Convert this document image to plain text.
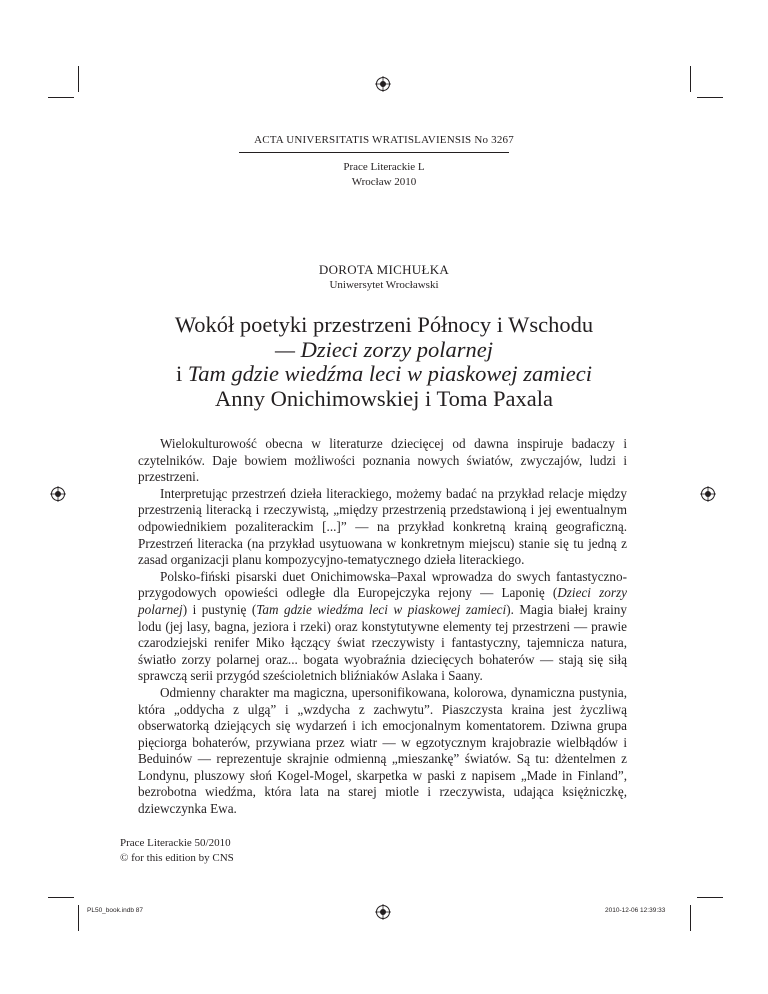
ACTA UNIVERSITATIS WRATISLAVIENSIS No 3267
Prace Literackie L
Wrocław 2010
DOROTA MICHUŁKA
Uniwersytet Wrocławski
Wokół poetyki przestrzeni Północy i Wschodu
— Dzieci zorzy polarnej
i Tam gdzie wiedźma leci w piaskowej zamieci
Anny Onichimowskiej i Toma Paxala

Wielokulturowość obecna w literaturze dziecięcej od dawna inspiruje badaczy i czytelników. Daje bowiem możliwości poznania nowych światów, zwyczajów, ludzi i przestrzeni.

Interpretując przestrzeń dzieła literackiego, możemy badać na przykład relacje między przestrzenią literacką i rzeczywistą, „między przestrzenią przedstawioną i jej ewentualnym odpowiednikiem pozaliterackim [...]” — na przykład konkretną krainą geograficzną. Przestrzeń literacka (na przykład usytuowana w konkretnym miejscu) stanie się tu jedną z zasad organizacji planu kompozycyjno-tematycznego dzieła literackiego.

Polsko-fiński pisarski duet Onichimowska–Paxal wprowadza do swych fantastyczno-przygodowych opowieści odległe dla Europejczyka rejony — Laponię (Dzieci zorzy polarnej) i pustynię (Tam gdzie wiedźma leci w piaskowej zamieci). Magia białej krainy lodu (jej lasy, bagna, jeziora i rzeki) oraz konstytutywne elementy tej przestrzeni — prawie czarodziejski renifer Miko łączący świat rzeczywisty i fantastyczny, tajemnicza natura, światło zorzy polarnej oraz... bogata wyobraźnia dziecięcych bohaterów — stają się siłą sprawczą serii przygód sześcioletnich bliźniaków Aslaka i Saany.

Odmienny charakter ma magiczna, upersonifikowana, kolorowa, dynamiczna pustynia, która „oddycha z ulgą” i „wzdycha z zachwytu”. Piaszczysta kraina jest życzliwą obserwatorką dziejących się wydarzeń i ich emocjonalnym komentatorem. Dziwna grupa pięciorga bohaterów, przywiana przez wiatr — w egzotycznym krajobrazie wielbłądów i Beduinów — reprezentuje skrajnie odmienną „mieszankę” światów. Są tu: dżentelmen z Londynu, pluszowy słoń Kogel-Mogel, skarpetka w paski z napisem „Made in Finland”, bezrobotna wiedźma, która lata na starej miotle i rzeczywista, udająca księżniczkę, dziewczynka Ewa.

Prace Literackie 50/2010
© for this edition by CNS
PL50_book.indb 87	2010-12-06 12:39:33
